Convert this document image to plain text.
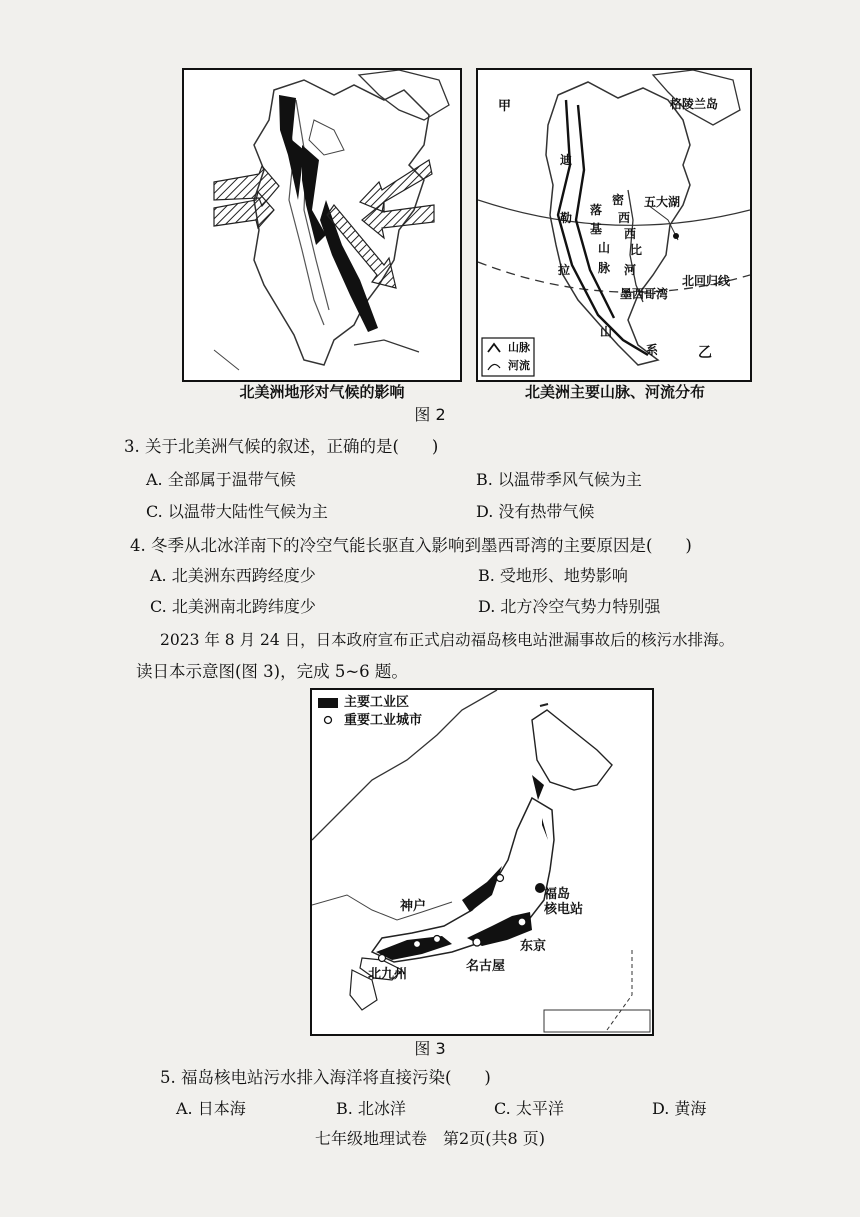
北美洲地形对气候的影响
甲	格陵兰岛
迪
勒
拉
落
基
山
脉
密
西
西
比
河
五大湖
北回归线
墨西哥湾
山
系	乙
山脉
河流
北美洲主要山脉、河流分布
图 2
3. 关于北美洲气候的叙述，正确的是(　　)
A. 全部属于温带气候	B. 以温带季风气候为主
C. 以温带大陆性气候为主	D. 没有热带气候
4. 冬季从北冰洋南下的冷空气能长驱直入影响到墨西哥湾的主要原因是(　　)
A. 北美洲东西跨经度少	B. 受地形、地势影响
C. 北美洲南北跨纬度少	D. 北方冷空气势力特别强
2023 年 8 月 24 日，日本政府宣布正式启动福岛核电站泄漏事故后的核污水排海。
读日本示意图(图 3)，完成 5~6 题。
主要工业区
重要工业城市
神户
福岛
核电站
东京
名古屋
北九州
图 3
5. 福岛核电站污水排入海洋将直接污染(　　)
A. 日本海	B. 北冰洋	C. 太平洋	D. 黄海
七年级地理试卷　第2页(共8 页)
